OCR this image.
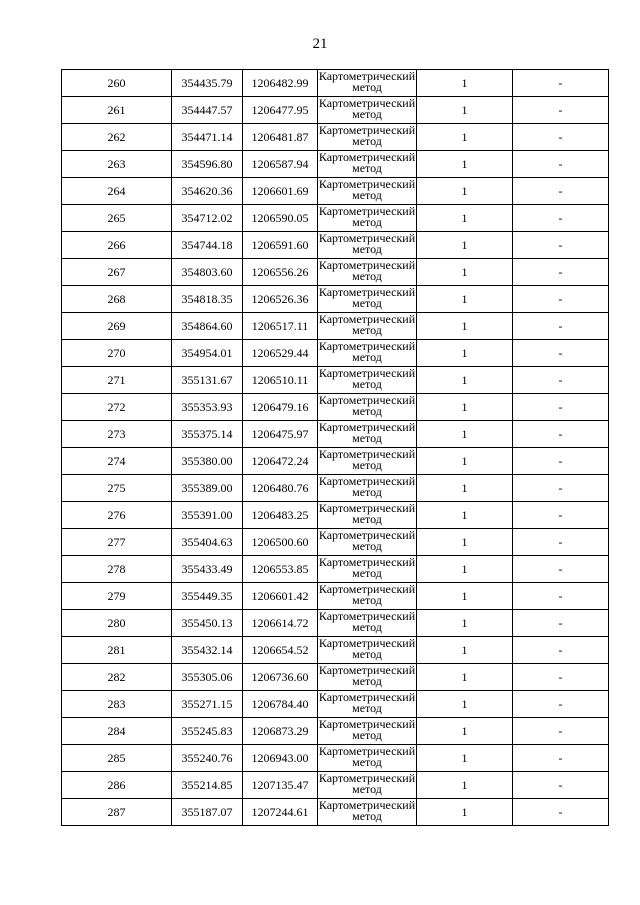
21
260	354435.79	1206482.99	Картометрический метод	1	-
261	354447.57	1206477.95	Картометрический метод	1	-
262	354471.14	1206481.87	Картометрический метод	1	-
263	354596.80	1206587.94	Картометрический метод	1	-
264	354620.36	1206601.69	Картометрический метод	1	-
265	354712.02	1206590.05	Картометрический метод	1	-
266	354744.18	1206591.60	Картометрический метод	1	-
267	354803.60	1206556.26	Картометрический метод	1	-
268	354818.35	1206526.36	Картометрический метод	1	-
269	354864.60	1206517.11	Картометрический метод	1	-
270	354954.01	1206529.44	Картометрический метод	1	-
271	355131.67	1206510.11	Картометрический метод	1	-
272	355353.93	1206479.16	Картометрический метод	1	-
273	355375.14	1206475.97	Картометрический метод	1	-
274	355380.00	1206472.24	Картометрический метод	1	-
275	355389.00	1206480.76	Картометрический метод	1	-
276	355391.00	1206483.25	Картометрический метод	1	-
277	355404.63	1206500.60	Картометрический метод	1	-
278	355433.49	1206553.85	Картометрический метод	1	-
279	355449.35	1206601.42	Картометрический метод	1	-
280	355450.13	1206614.72	Картометрический метод	1	-
281	355432.14	1206654.52	Картометрический метод	1	-
282	355305.06	1206736.60	Картометрический метод	1	-
283	355271.15	1206784.40	Картометрический метод	1	-
284	355245.83	1206873.29	Картометрический метод	1	-
285	355240.76	1206943.00	Картометрический метод	1	-
286	355214.85	1207135.47	Картометрический метод	1	-
287	355187.07	1207244.61	Картометрический метод	1	-
